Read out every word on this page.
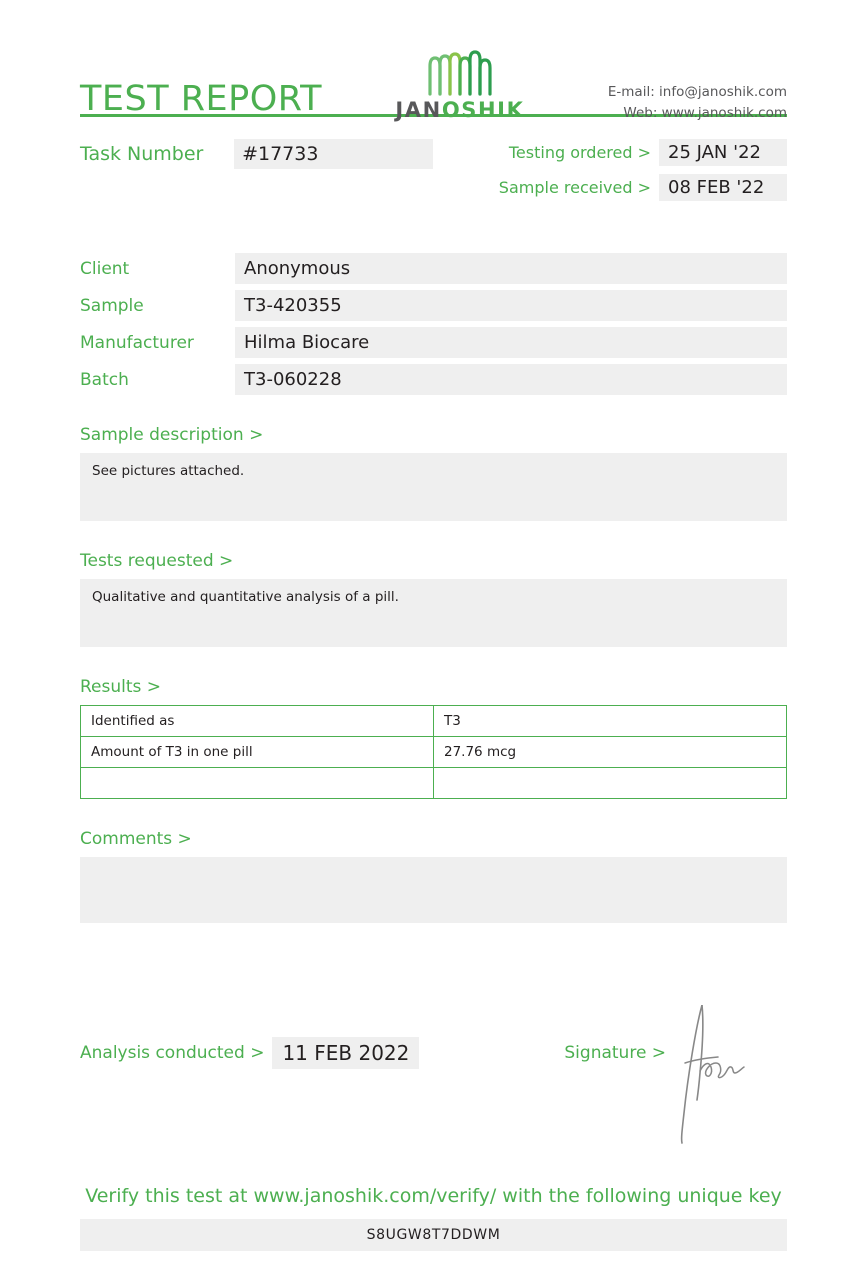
TEST REPORT	JANOSHIK
E-mail: info@janoshik.com
Web: www.janoshik.com
Task Number	#17733	Testing ordered > 25 JAN '22
Sample received > 08 FEB '22
Client	Anonymous
Sample	T3-420355
Manufacturer	Hilma Biocare
Batch	T3-060228
Sample description >
See pictures attached.
Tests requested >
Qualitative and quantitative analysis of a pill.
Results >
Identified as	T3
Amount of T3 in one pill	27.76 mcg

Comments >
Analysis conducted > 11 FEB 2022	Signature >
Verify this test at www.janoshik.com/verify/ with the following unique key
S8UGW8T7DDWM
